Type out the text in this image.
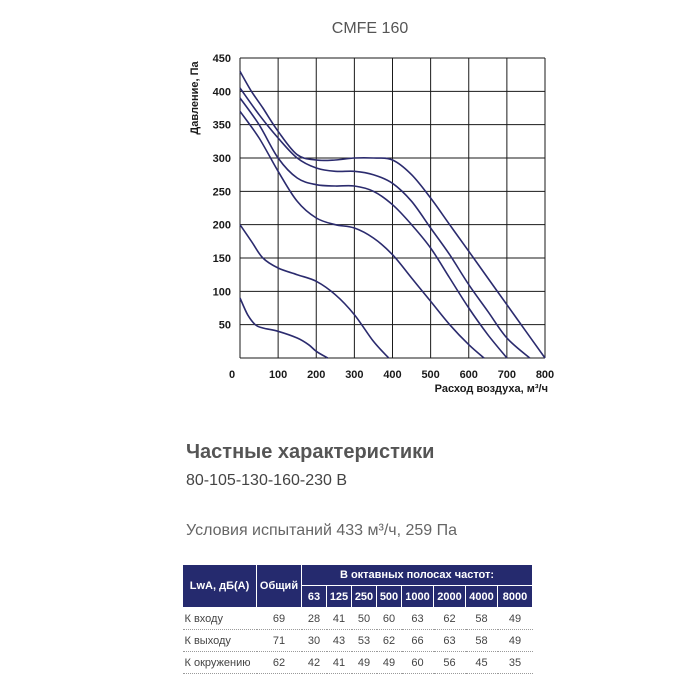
CMFE 160
0	100 200 300 400 500 600 700 800
50
100
150
200
250
300
350
400
450
Расход воздуха, м³/ч
Давление, Па
Частные характеристики
80-105-130-160-230 В
Условия испытаний 433 м³/ч, 259 Па
LwA, дБ(A)	Общий	В октавных полосах частот:							
		63	125	250	500	1000	2000	4000	8000
К входу	69	28	41	50	60	63	62	58	49
К выходу	71	30	43	53	62	66	63	58	49
К окружению	62	42	41	49	49	60	56	45	35
